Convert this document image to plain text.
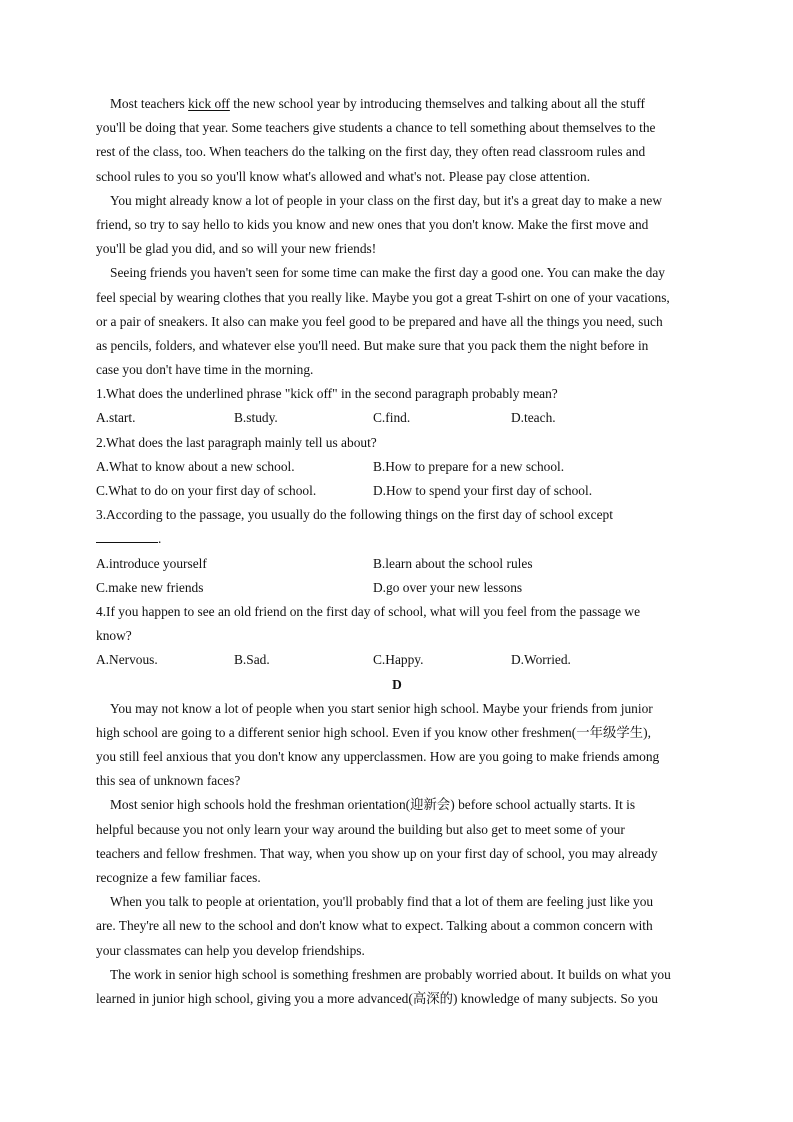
Most teachers kick off the new school year by introducing themselves and talking about all the stuff
you'll be doing that year. Some teachers give students a chance to tell something about themselves to the
rest of the class, too. When teachers do the talking on the first day, they often read classroom rules and
school rules to you so you'll know what's allowed and what's not. Please pay close attention.
You might already know a lot of people in your class on the first day, but it's a great day to make a new
friend, so try to say hello to kids you know and new ones that you don't know. Make the first move and
you'll be glad you did, and so will your new friends!
Seeing friends you haven't seen for some time can make the first day a good one. You can make the day
feel special by wearing clothes that you really like. Maybe you got a great T-shirt on one of your vacations,
or a pair of sneakers. It also can make you feel good to be prepared and have all the things you need, such
as pencils, folders, and whatever else you'll need. But make sure that you pack them the night before in
case you don't have time in the morning.
1.What does the underlined phrase "kick off" in the second paragraph probably mean?
A.start.	B.study.	C.find.	D.teach.
2.What does the last paragraph mainly tell us about?
A.What to know about a new school.	B.How to prepare for a new school.
C.What to do on your first day of school.	D.How to spend your first day of school.
3.According to the passage, you usually do the following things on the first day of school except
.
A.introduce yourself	B.learn about the school rules
C.make new friends	D.go over your new lessons
4.If you happen to see an old friend on the first day of school, what will you feel from the passage we
know?
A.Nervous.	B.Sad.	C.Happy.	D.Worried.
D
You may not know a lot of people when you start senior high school. Maybe your friends from junior
high school are going to a different senior high school. Even if you know other freshmen(一年级学生),
you still feel anxious that you don't know any upperclassmen. How are you going to make friends among
this sea of unknown faces?
Most senior high schools hold the freshman orientation(迎新会) before school actually starts. It is
helpful because you not only learn your way around the building but also get to meet some of your
teachers and fellow freshmen. That way, when you show up on your first day of school, you may already
recognize a few familiar faces.
When you talk to people at orientation, you'll probably find that a lot of them are feeling just like you
are. They're all new to the school and don't know what to expect. Talking about a common concern with
your classmates can help you develop friendships.
The work in senior high school is something freshmen are probably worried about. It builds on what you
learned in junior high school, giving you a more advanced(高深的) knowledge of many subjects. So you
